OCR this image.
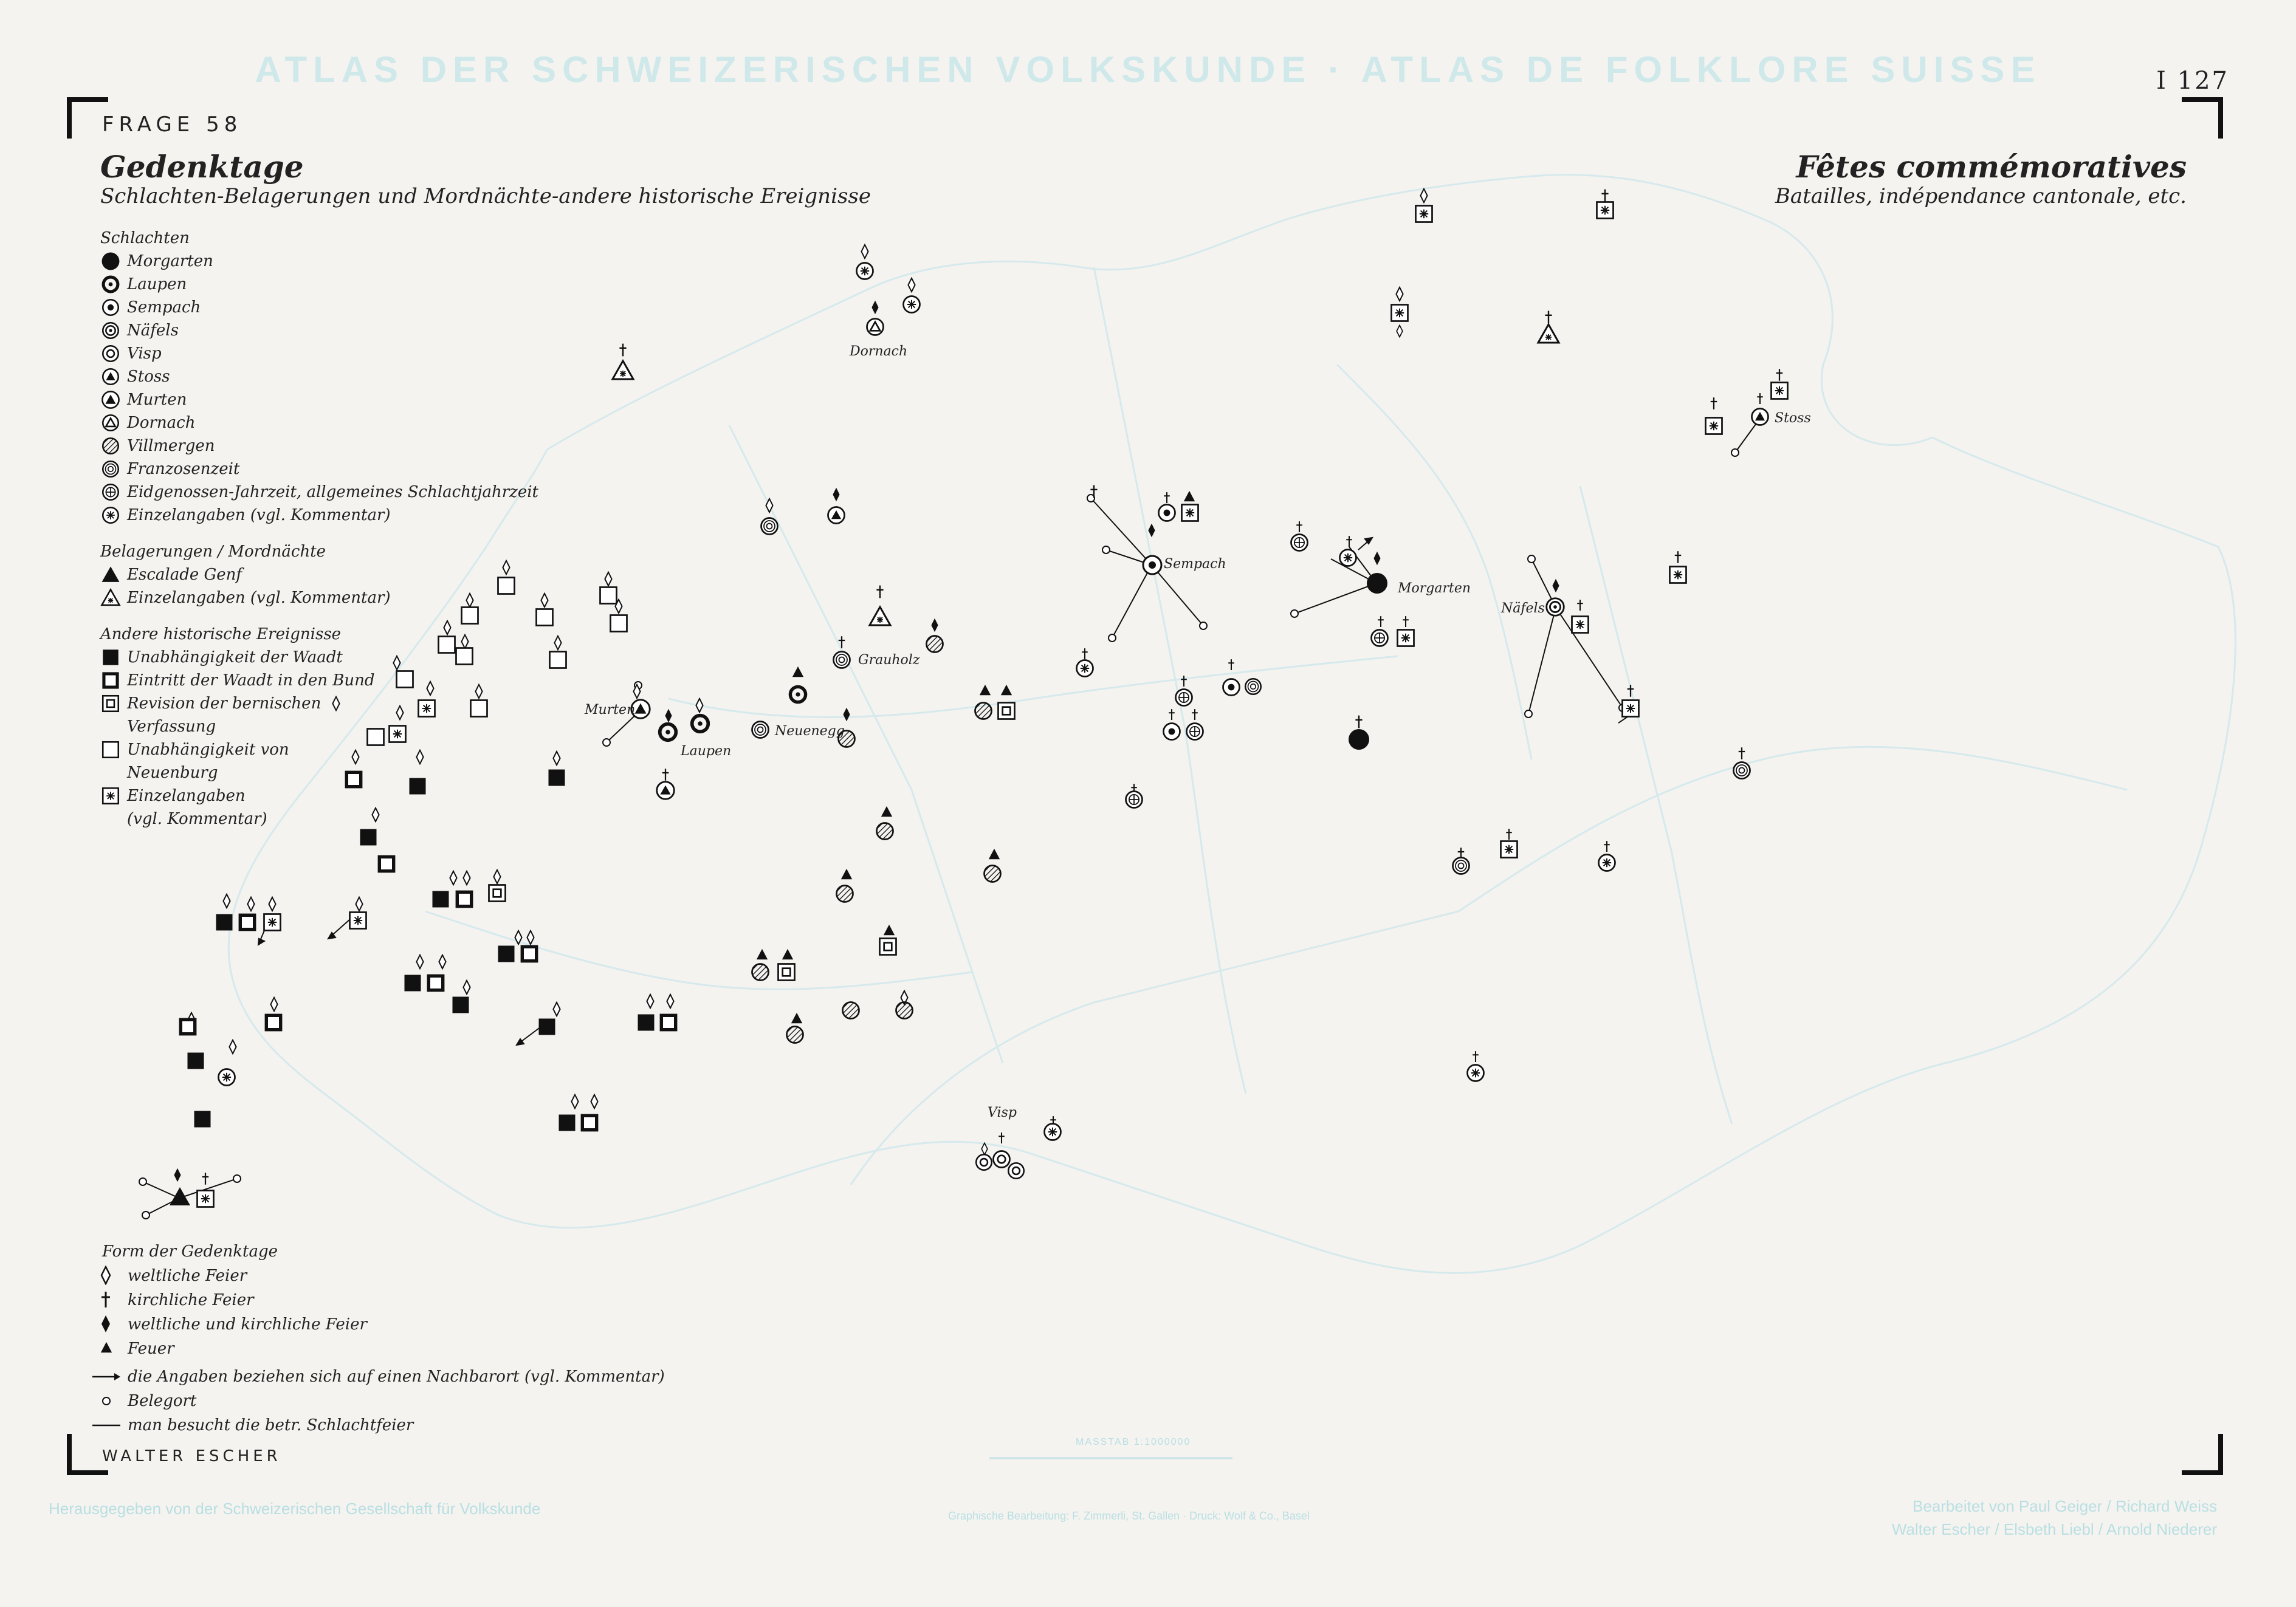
ATLAS DER SCHWEIZERISCHEN VOLKSKUNDE · ATLAS DE FOLKLORE SUISSE	I 127
Dornach
Sempach
Morgarten
Näfels
Stoss
Murten
Laupen
Neuenegg
Grauholz
Visp
FRAGE 58
Gedenktage
Schlachten-Belagerungen und Mordnächte-andere historische Ereignisse
Fêtes commémoratives
Batailles, indépendance cantonale, etc.
Schlachten
Morgarten
Laupen
Sempach
Näfels
Visp
Stoss
Murten
Dornach
Villmergen
Franzosenzeit
Eidgenossen-Jahrzeit, allgemeines Schlachtjahrzeit
Einzelangaben (vgl. Kommentar)
Belagerungen / Mordnächte
Escalade Genf
Einzelangaben (vgl. Kommentar)
Andere historische Ereignisse
Unabhängigkeit der Waadt
Eintritt der Waadt in den Bund
Revision der bernischen
Verfassung
Unabhängigkeit von
Neuenburg
Einzelangaben
(vgl. Kommentar)
Form der Gedenktage
weltliche Feier
kirchliche Feier
weltliche und kirchliche Feier
Feuer
die Angaben beziehen sich auf einen Nachbarort (vgl. Kommentar)
Belegort
man besucht die betr. Schlachtfeier
WALTER ESCHER
MASSTAB 1:1000000
Herausgegeben von der Schweizerischen Gesellschaft für Volkskunde	Graphische Bearbeitung: F. Zimmerli, St. Gallen · Druck: Wolf & Co., Basel
Bearbeitet von Paul Geiger / Richard Weiss
Walter Escher / Elsbeth Liebl / Arnold Niederer
